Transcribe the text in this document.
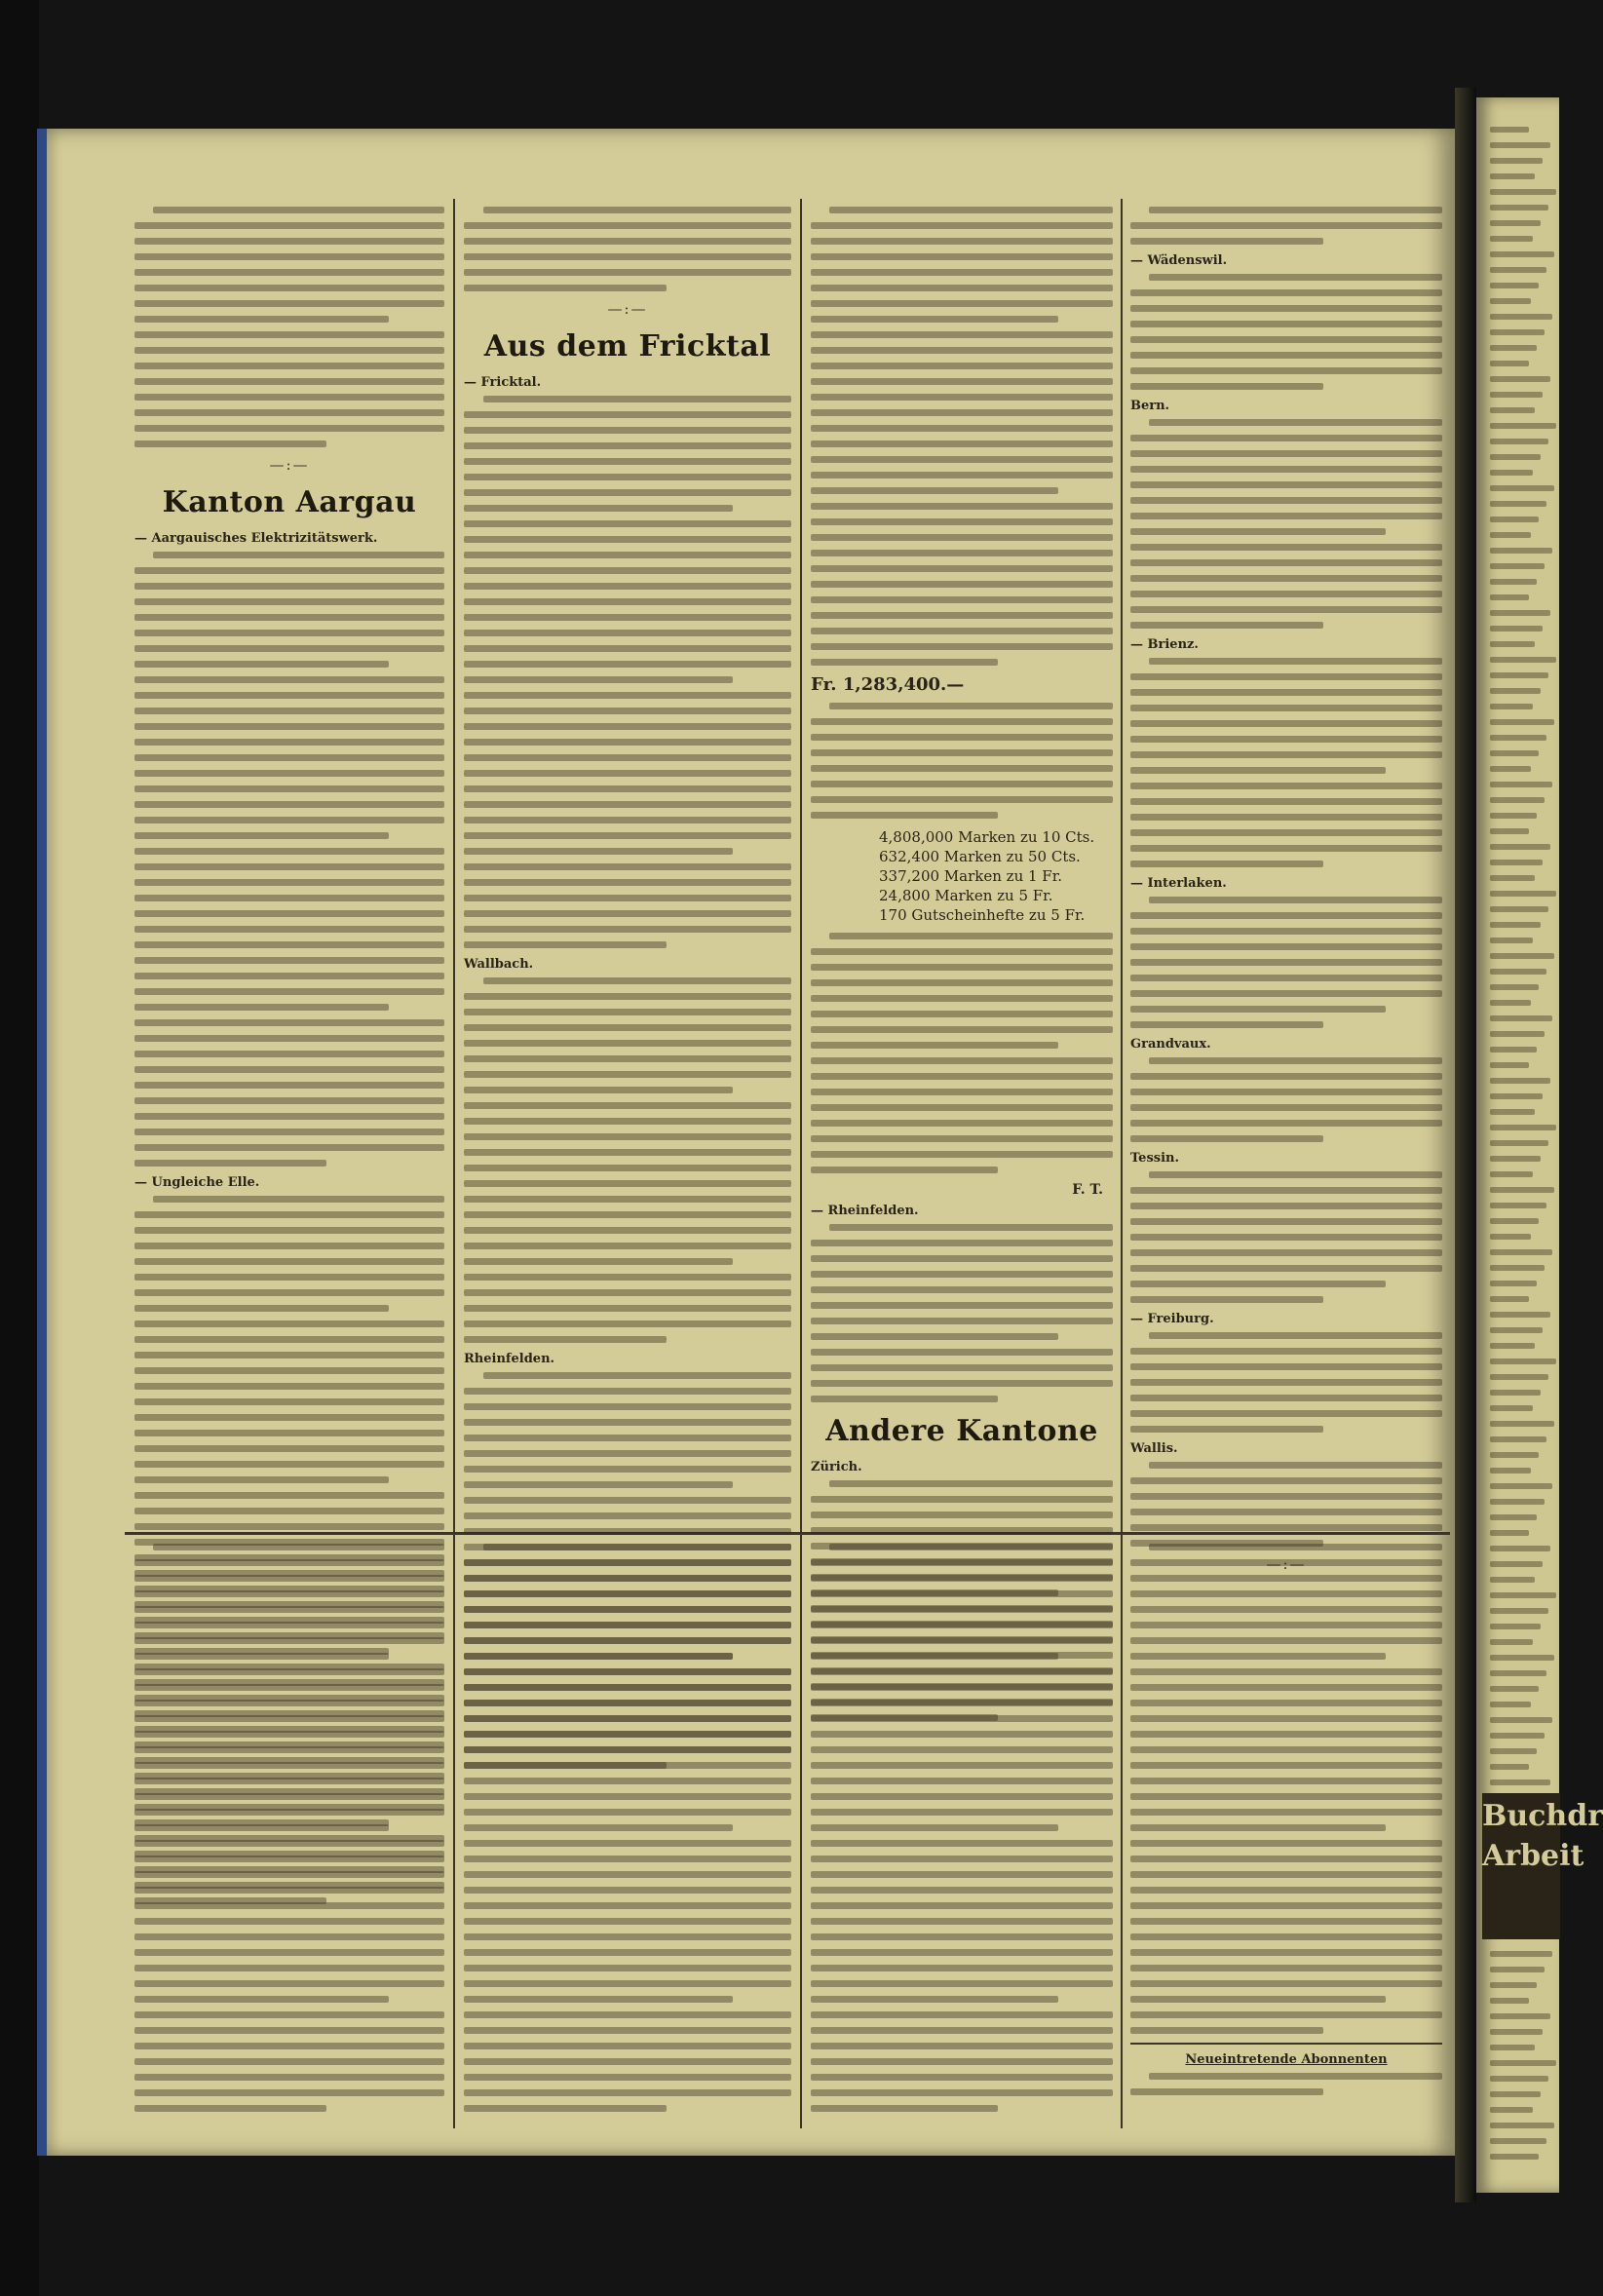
—:—
Kanton Aargau
— Aargauisches Elektrizitätswerk.
— Ungleiche Elle.
—:—
Aus dem Fricktal
— Fricktal.
Wallbach.
Rheinfelden.
Fr. 1,283,400.—
4,808,000 Marken zu 10 Cts.
632,400 Marken zu 50 Cts.
337,200 Marken zu 1 Fr.
24,800 Marken zu 5 Fr.
170 Gutscheinhefte zu 5 Fr.
F. T.
— Rheinfelden.
Andere Kantone
Zürich.
— Wädenswil.
Bern.
— Brienz.
— Interlaken.
Grandvaux.
Tessin.
— Freiburg.
Wallis.
—:—
Neueintretende Abonnenten
Buchdr
Arbeit
